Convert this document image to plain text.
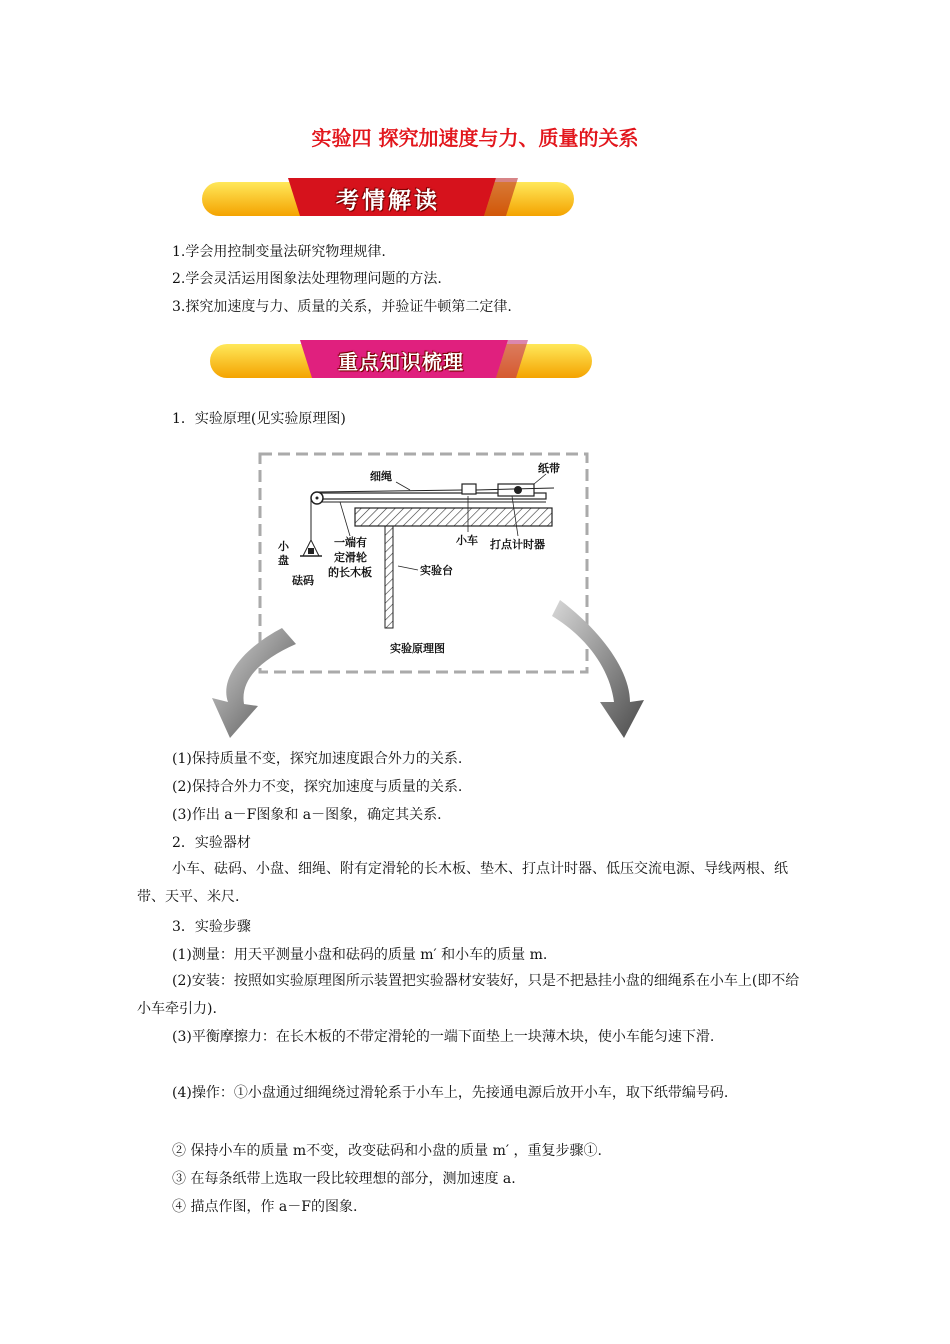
实验四 探究加速度与力、质量的关系
考情解读
1.学会用控制变量法研究物理规律.
2.学会灵活运用图象法处理物理问题的方法.
3.探究加速度与力、质量的关系，并验证牛顿第二定律.
重点知识梳理
1．实验原理(见实验原理图)
细绳
纸带
小车 打点计时器
小
盘
砝码
一端有
定滑轮
的长木板	实验台
实验原理图
(1)保持质量不变，探究加速度跟合外力的关系.
(2)保持合外力不变，探究加速度与质量的关系.
(3)作出 a－F图象和 a－图象，确定其关系.
2．实验器材
小车、砝码、小盘、细绳、附有定滑轮的长木板、垫木、打点计时器、低压交流电源、导线两根、纸带、天平、米尺.
3．实验步骤
(1)测量：用天平测量小盘和砝码的质量 m′ 和小车的质量 m.
(2)安装：按照如实验原理图所示装置把实验器材安装好，只是不把悬挂小盘的细绳系在小车上(即不给小车牵引力).
(3)平衡摩擦力：在长木板的不带定滑轮的一端下面垫上一块薄木块，使小车能匀速下滑.
(4)操作：①小盘通过细绳绕过滑轮系于小车上，先接通电源后放开小车，取下纸带编号码.
② 保持小车的质量 m不变，改变砝码和小盘的质量 m′ ，重复步骤①.
③ 在每条纸带上选取一段比较理想的部分，测加速度 a.
④ 描点作图，作 a－F的图象.
